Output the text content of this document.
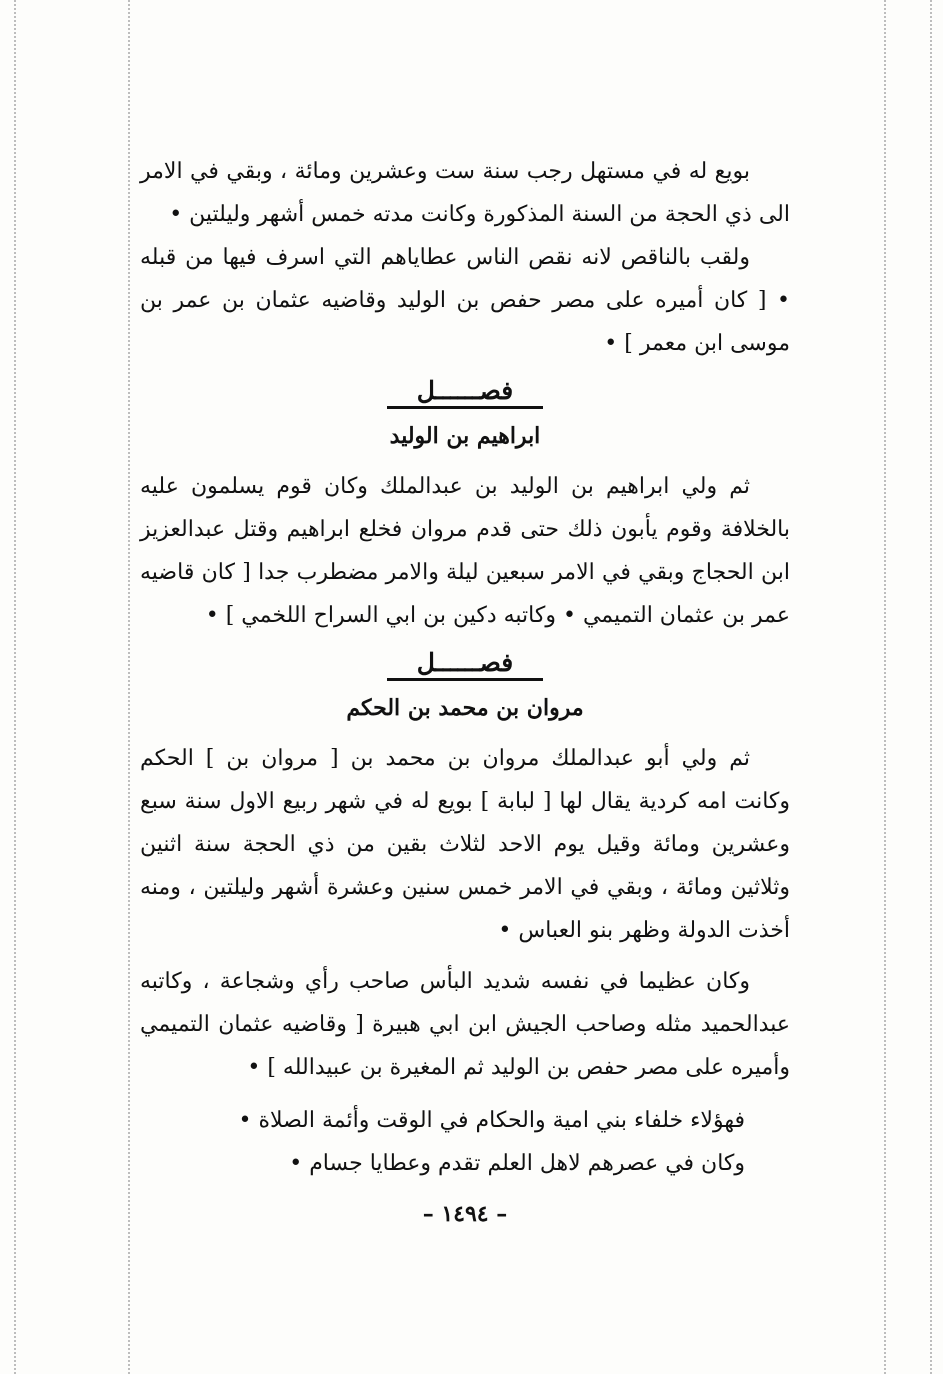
بويع له في مستهل رجب سنة ست وعشرين ومائة ، وبقي في الامر الى ذي الحجة من السنة المذكورة وكانت مدته خمس أشهر وليلتين •

ولقب بالناقص لانه نقص الناس عطاياهم التي اسرف فيها من قبله • [ كان أميره على مصر حفص بن الوليد وقاضيه عثمان بن عمر بن موسى ابن معمر ] •

فصــــــل
ابراهيم بن الوليد

ثم ولي ابراهيم بن الوليد بن عبدالملك وكان قوم يسلمون عليه بالخلافة وقوم يأبون ذلك حتى قدم مروان فخلع ابراهيم وقتل عبدالعزيز ابن الحجاج وبقي في الامر سبعين ليلة والامر مضطرب جدا [ كان قاضيه عمر بن عثمان التميمي • وكاتبه دكين بن ابي السراح اللخمي ] •

فصــــــل
مروان بن محمد بن الحكم

ثم ولي أبو عبدالملك مروان بن محمد بن [ مروان بن ] الحكم وكانت امه كردية يقال لها [ لبابة ] بويع له في شهر ربيع الاول سنة سبع وعشرين ومائة وقيل يوم الاحد لثلاث بقين من ذي الحجة سنة اثنين وثلاثين ومائة ، وبقي في الامر خمس سنين وعشرة أشهر وليلتين ، ومنه أخذت الدولة وظهر بنو العباس •

وكان عظيما في نفسه شديد البأس صاحب رأي وشجاعة ، وكاتبه عبدالحميد مثله وصاحب الجيش ابن ابي هبيرة [ وقاضيه عثمان التميمي وأميره على مصر حفص بن الوليد ثم المغيرة بن عبيدالله ] •

فهؤلاء خلفاء بني امية والحكام في الوقت وأئمة الصلاة •

وكان في عصرهم لاهل العلم تقدم وعطايا جسام •

– ١٤٩٤ –
